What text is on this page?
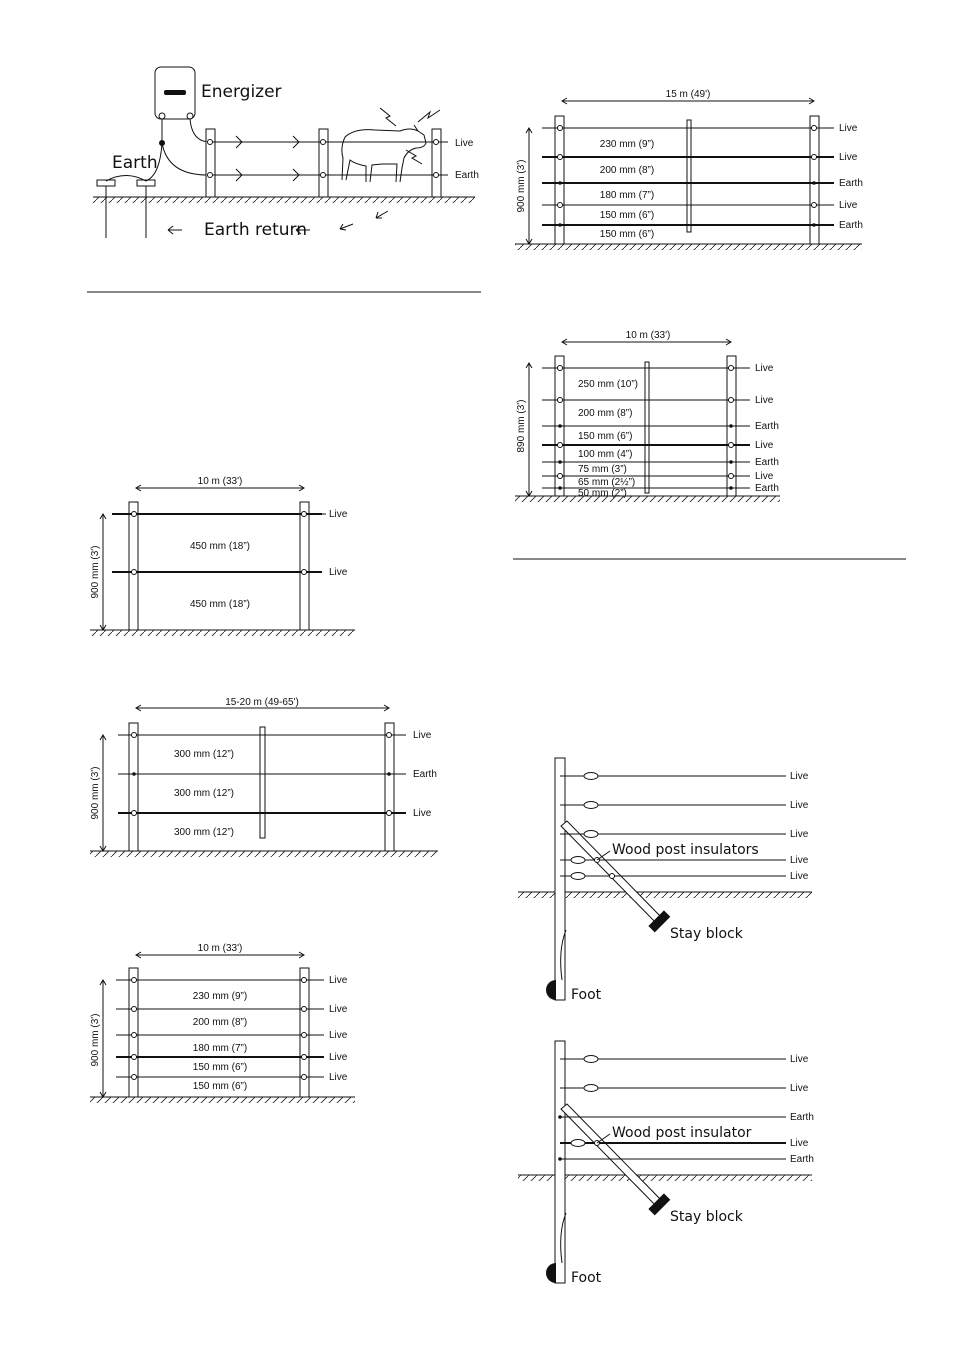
Energizer
Earth
Live
Earth
Earth return
10 m (33')
900 mm (3')	450 mm (18”)
450 mm (18”)
Live
Live
15-20 m (49-65')
900 mm (3')
300 mm (12”)
300 mm (12”)
300 mm (12”)
Live
Earth
Live
10 m (33')
900 mm (3')
230 mm (9”)
200 mm (8”)
180 mm (7”)
150 mm (6”)
150 mm (6”)
Live
Live
Live
Live
Live
15 m (49')
900 mm (3')
230 mm (9”)
200 mm (8”)
180 mm (7”)
150 mm (6”)
150 mm (6”)
Live
Live
Earth
Live
Earth
10 m (33')
890 mm (3')
250 mm (10”)
200 mm (8”)
150 mm (6”)
100 mm (4”)
75 mm (3”)
65 mm (2½”)
50 mm (2”)
Live
Live
Earth
Live
Earth
Live
Earth
Wood post insulators
Stay block
Foot
Live
Live
Live
Live
Live
Wood post insulator
Stay block
Foot
Live
Live
Earth
Live
Earth
